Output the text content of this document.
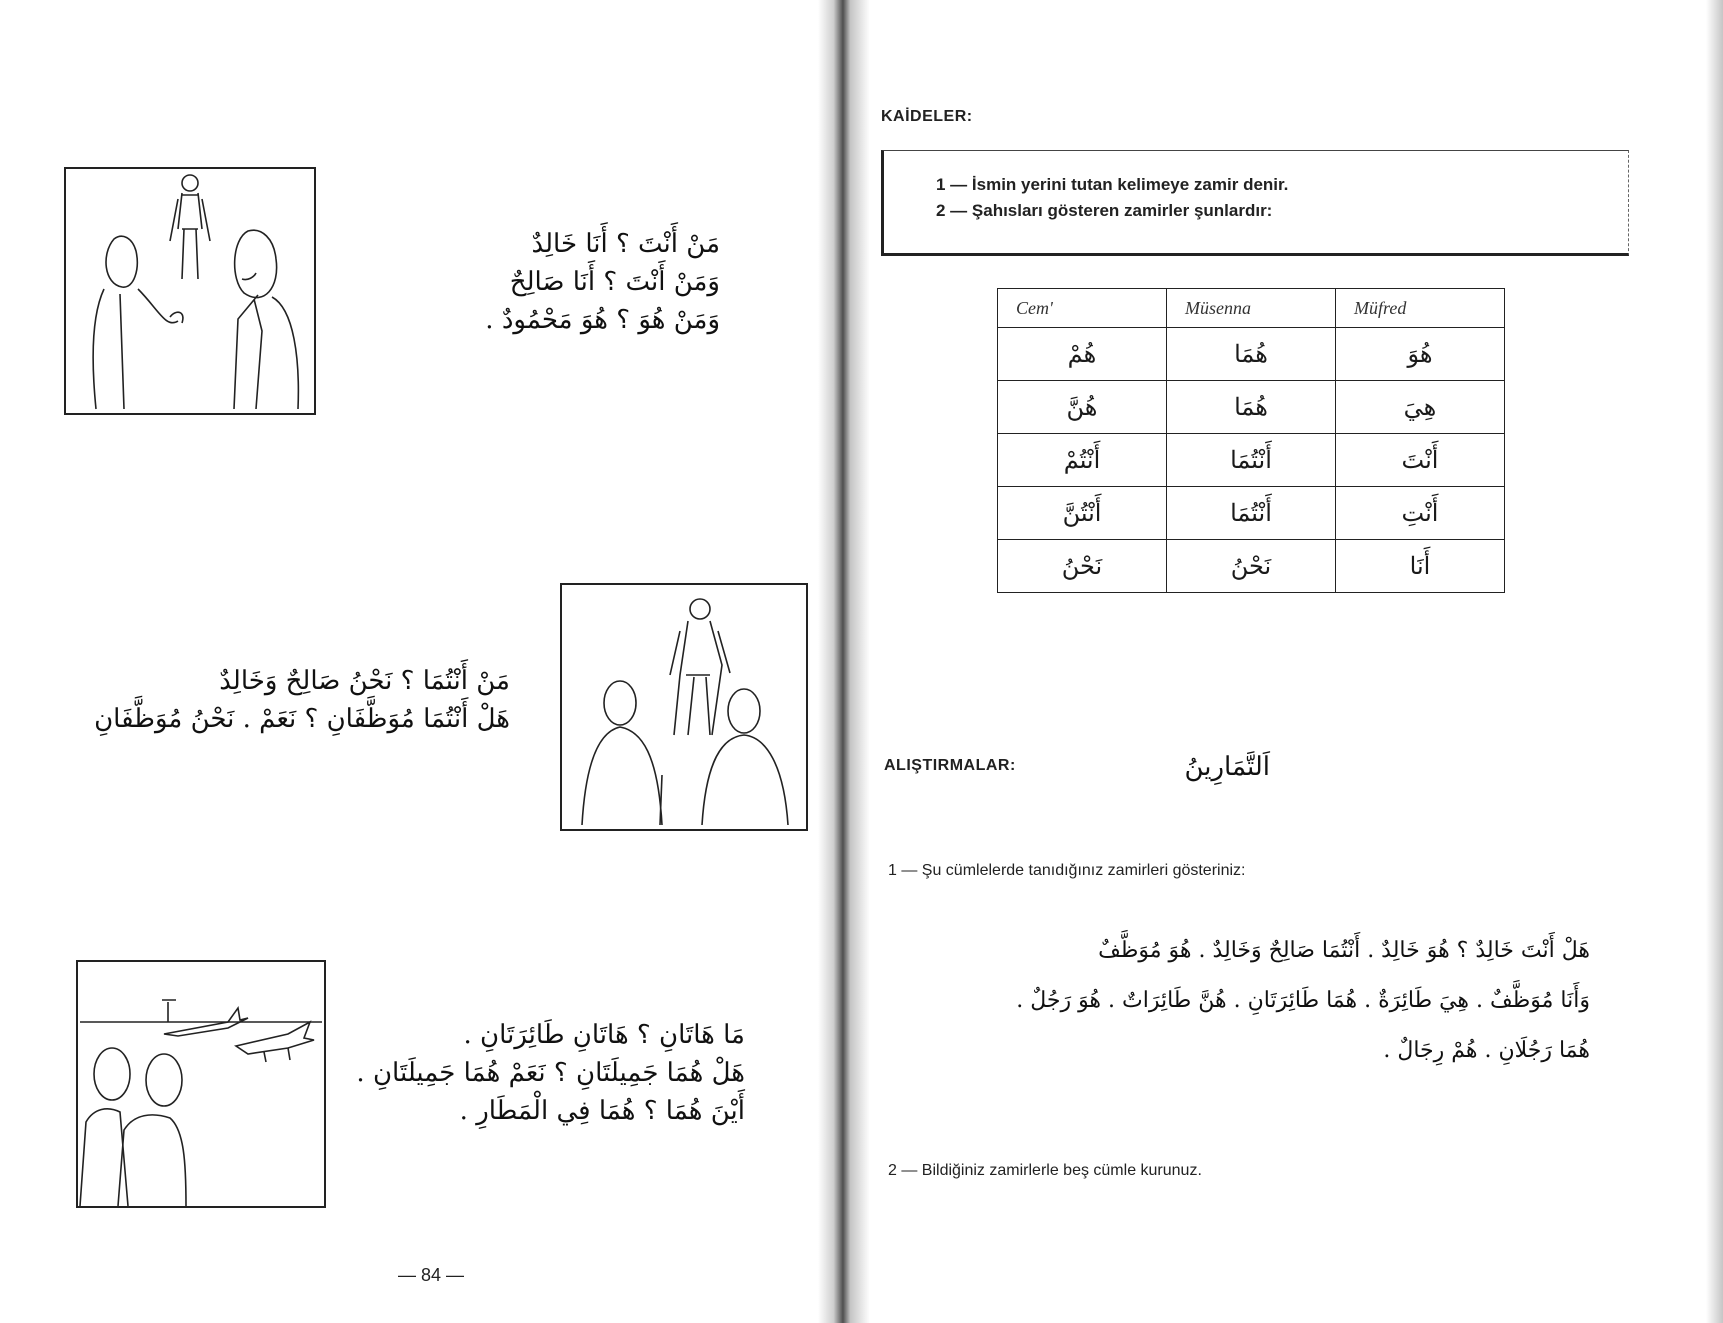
مَنْ أَنْتَ ؟ أَنَا خَالِدٌ
وَمَنْ أَنْتَ ؟ أَنَا صَالِحٌ
وَمَنْ هُوَ ؟ هُوَ مَحْمُودٌ .
مَنْ أَنْتُمَا ؟ نَحْنُ صَالِحٌ وَخَالِدٌ
هَلْ أَنْتُمَا مُوَظَّفَانِ ؟ نَعَمْ . نَحْنُ مُوَظَّفَانِ
مَا هَاتَانِ ؟ هَاتَانِ طَائِرَتَانِ .
هَلْ هُمَا جَمِيلَتَانِ ؟ نَعَمْ هُمَا جَمِيلَتَانِ .
أَيْنَ هُمَا ؟ هُمَا فِي الْمَطَارِ .
— 84 —
KAİDELER:
1 — İsmin yerini tutan kelimeye zamir denir.
2 — Şahısları gösteren zamirler şunlardır:
Cem'	Müsenna	Müfred
هُمْ	هُمَا	هُوَ
هُنَّ	هُمَا	هِيَ
أَنْتُمْ	أَنْتُمَا	أَنْتَ
أَنْتُنَّ	أَنْتُمَا	أَنْتِ
نَحْنُ	نَحْنُ	أَنَا
ALIŞTIRMALAR:	اَلتَّمَارِينُ
1 — Şu cümlelerde tanıdığınız zamirleri gösteriniz:
هَلْ أَنْتَ خَالِدٌ ؟ هُوَ خَالِدٌ . أَنْتُمَا صَالِحٌ وَخَالِدٌ . هُوَ مُوَظَّفٌ
وَأَنَا مُوَظَّفٌ . هِيَ طَائِرَةٌ . هُمَا طَائِرَتَانِ . هُنَّ طَائِرَاتٌ . هُوَ رَجُلٌ .
هُمَا رَجُلَانِ . هُمْ رِجَالٌ .
2 — Bildiğiniz zamirlerle beş cümle kurunuz.
